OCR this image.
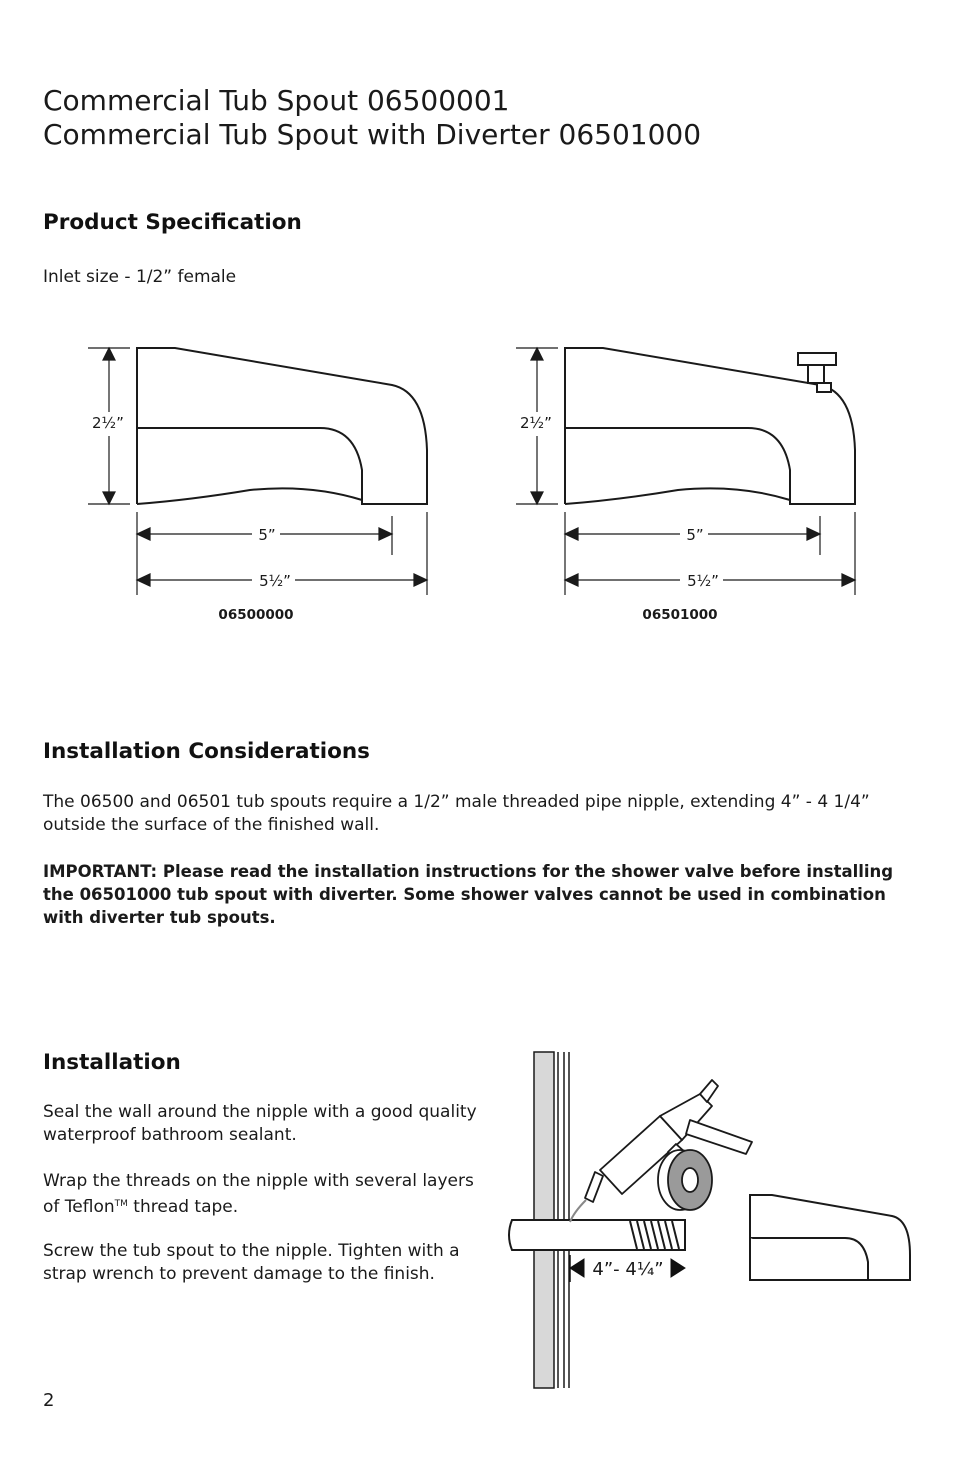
Commercial Tub Spout 06500001
Commercial Tub Spout with Diverter 06501000
Product Specification

Inlet size - 1/2” female

2½”
5”
5½”
06500000
2½”
5”
5½”
06501000
Installation Considerations

The 06500 and 06501 tub spouts require a 1/2” male threaded pipe nipple, extending 4” - 4 1/4” outside the surface of the finished wall.

IMPORTANT: Please read the installation instructions for the shower valve before installing the 06501000 tub spout with diverter. Some shower valves cannot be used in combination with diverter tub spouts.

Installation

Seal the wall around the nipple with a good quality waterproof bathroom sealant.

Wrap the threads on the nipple with several layers of Teflon™ thread tape.

Screw the tub spout to the nipple. Tighten with a strap wrench to prevent damage to the finish.	4”- 4¼”
2
